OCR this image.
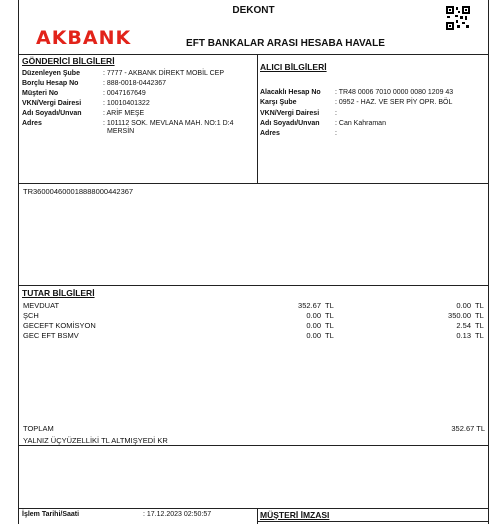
AKBANK
DEKONT
EFT BANKALAR ARASI HESABA HAVALE
GÖNDERİCİ BİLGİLERİ
Düzenleyen Şube	: 7777 - AKBANK DİREKT MOBİL CEP
Borçlu Hesap No	: 888-0018-0442367
Müşteri No	: 0047167649
VKN/Vergi Dairesi	: 10010401322
Adı Soyadı/Unvan	: ARİF MEŞE
Adres	: 101112 SOK. MEVLANA MAH. NO:1 D:4
MERSİN
ALICI BİLGİLERİ
Alacaklı Hesap No : TR48 0006 7010 0000 0080 1209 43
Karşı Şube	: 0952 - HAZ. VE SER PİY OPR. BÖL
VKN/Vergi Dairesi :
Adı Soyadı/Unvan : Can Kahraman
Adres	:
TR360004600018888000442367
TUTAR BİLGİLERİ
MEVDUAT	352.67 TL	0.00 TL
ŞCH	0.00 TL	350.00 TL
GECEFT KOMİSYON	0.00 TL	2.54 TL
GEC EFT BSMV	0.00 TL	0.13 TL
TOPLAM	352.67 TL
YALNIZ ÜÇYÜZELLİKİ TL ALTMIŞYEDİ KR
İşlem Tarihi/Saati	: 17.12.2023 02:50:57	MÜŞTERİ İMZASI
